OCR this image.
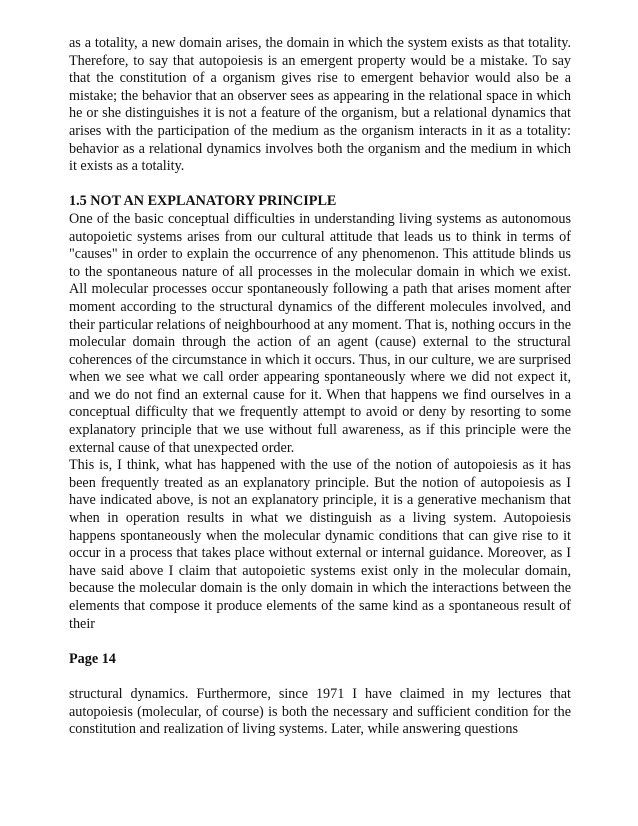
as a totality, a new domain arises, the domain in which the system exists as that totality. Therefore, to say that autopoiesis is an emergent property would be a mistake. To say that the constitution of a organism gives rise to emergent behavior would also be a mistake; the behavior that an observer sees as appearing in the relational space in which he or she distinguishes it is not a feature of the organism, but a relational dynamics that arises with the participation of the medium as the organism interacts in it as a totality: behavior as a relational dynamics involves both the organism and the medium in which it exists as a totality.

1.5 NOT AN EXPLANATORY PRINCIPLE

One of the basic conceptual difficulties in understanding living systems as autonomous autopoietic systems arises from our cultural attitude that leads us to think in terms of "causes" in order to explain the occurrence of any phenomenon. This attitude blinds us to the spontaneous nature of all processes in the molecular domain in which we exist. All molecular processes occur spontaneously following a path that arises moment after moment according to the structural dynamics of the different molecules involved, and their particular relations of neighbourhood at any moment. That is, nothing occurs in the molecular domain through the action of an agent (cause) external to the structural coherences of the circumstance in which it occurs. Thus, in our culture, we are surprised when we see what we call order appearing spontaneously where we did not expect it, and we do not find an external cause for it. When that happens we find ourselves in a conceptual difficulty that we frequently attempt to avoid or deny by resorting to some explanatory principle that we use without full awareness, as if this principle were the external cause of that unexpected order.

This is, I think, what has happened with the use of the notion of autopoiesis as it has been frequently treated as an explanatory principle. But the notion of autopoiesis as I have indicated above, is not an explanatory principle, it is a generative mechanism that when in operation results in what we distinguish as a living system. Autopoiesis happens spontaneously when the molecular dynamic conditions that can give rise to it occur in a process that takes place without external or internal guidance. Moreover, as I have said above I claim that autopoietic systems exist only in the molecular domain, because the molecular domain is the only domain in which the interactions between the elements that compose it produce elements of the same kind as a spontaneous result of their

Page 14

structural dynamics. Furthermore, since 1971 I have claimed in my lectures that autopoiesis (molecular, of course) is both the necessary and sufficient condition for the constitution and realization of living systems. Later, while answering questions
